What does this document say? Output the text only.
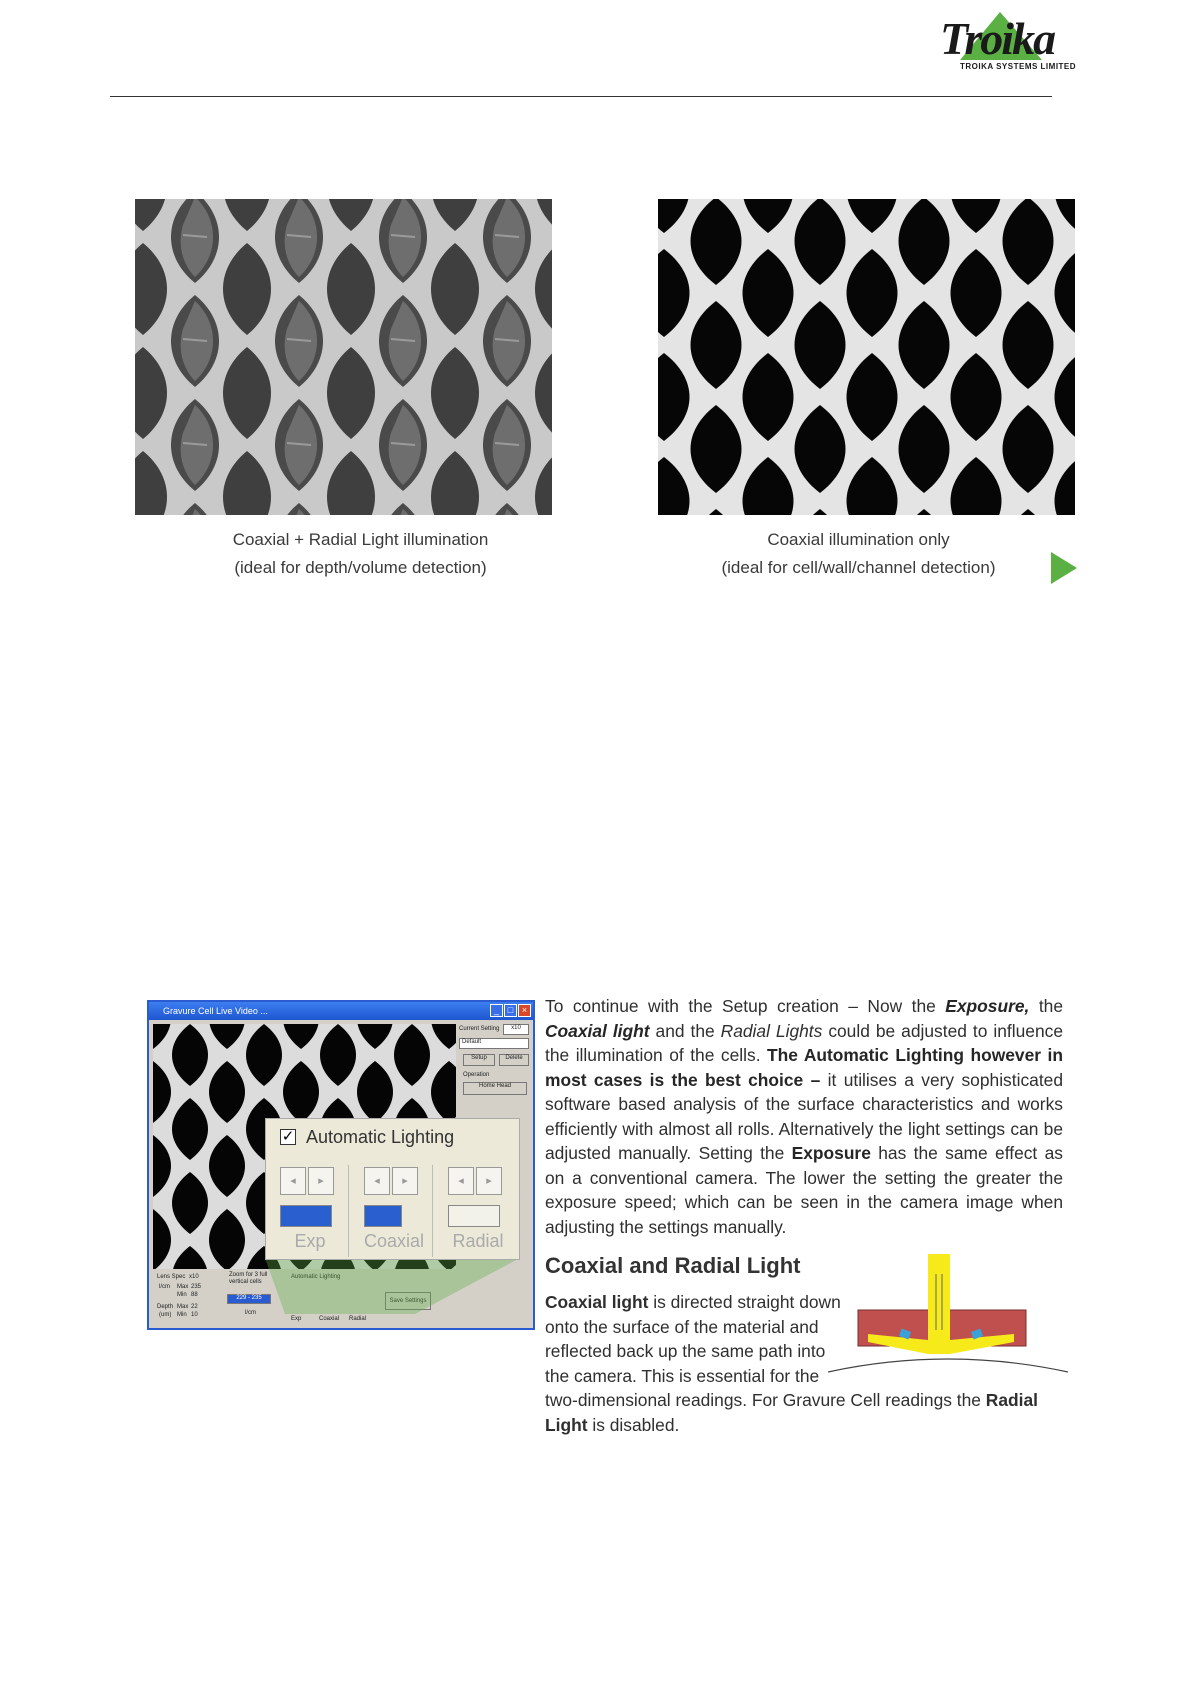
Troika
TROIKA SYSTEMS LIMITED
Coaxial + Radial Light illumination
(ideal for depth/volume detection)
Coaxial illumination only
(ideal for cell/wall/channel detection)
Gravure Cell Live Video ...	_ □ ×
Current Setting	x10
Default
Setup	Delete
Operation
Home Head
Lens Spec x10
l/cm Max 235
Min 88
Depth Max 22
(um) Min 10
Zoom for 3 full vertical cells
229 - 235
l/cm
Automatic Lighting
Exp	Coaxial Radial
Save Settings
✓ Automatic Lighting
◂	▸
Exp
◂	▸
Coaxial
◂	▸
Radial
To continue with the Setup creation – Now the Exposure, the Coaxial light and the Radial Lights could be adjusted to influence the illumination of the cells. The Automatic Lighting however in most cases is the best choice – it utilises a very sophisticated software based analysis of the surface characteristics and works efficiently with almost all rolls. Alternatively the light settings can be adjusted manually. Setting the Exposure has the same effect as on a conventional camera. The lower the setting the greater the exposure speed; which can be seen in the camera image when adjusting the settings manually.
Coaxial and Radial Light
Coaxial light is directed straight down onto the surface of the material and reflected back up the same path into the camera. This is essential for the
two-dimensional readings. For Gravure Cell readings the Radial Light is disabled.
